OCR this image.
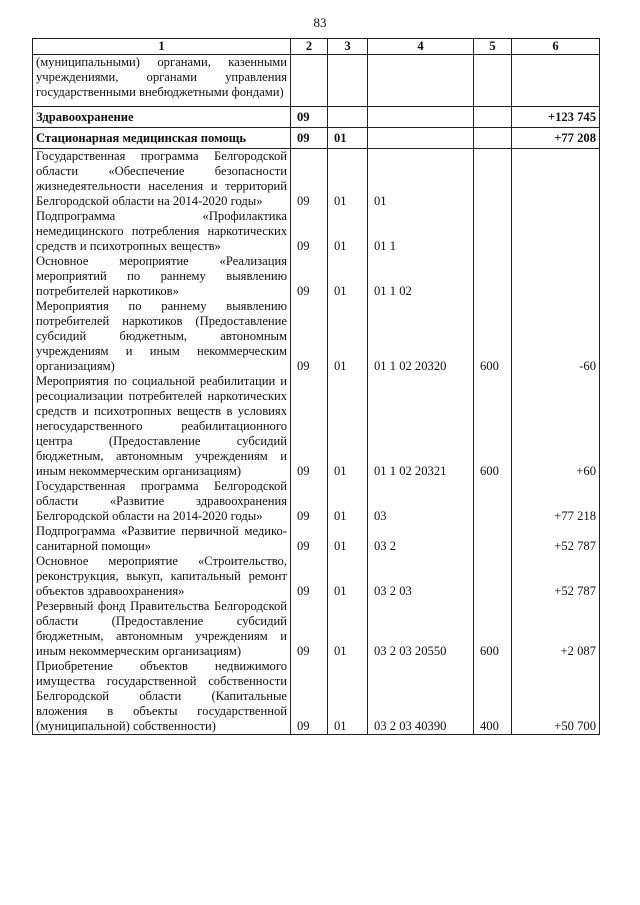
83
1	2	3	4	5	6
(муниципальными) органами, казенными учреждениями, органами управления государственными внебюджетными фондами)					

Здравоохранение	09				+123 745
Стационарная медицинская помощь	09	01			+77 208
Государственная программа Белгородской области «Обеспечение безопасности жизнедеятельности населения и территорий Белгородской области на 2014-2020 годы»	09	01	01		
Подпрограмма «Профилактика немедицинского потребления наркотических средств и психотропных веществ»	09	01	01 1		
Основное мероприятие «Реализация мероприятий по раннему выявлению потребителей наркотиков»	09	01	01 1 02		
Мероприятия по раннему выявлению потребителей наркотиков (Предоставление субсидий бюджетным, автономным учреждениям и иным некоммерческим организациям)	09	01	01 1 02 20320	600	-60
Мероприятия по социальной реабилитации и ресоциализации потребителей наркотических средств и психотропных веществ в условиях негосударственного реабилитационного центра (Предоставление субсидий бюджетным, автономным учреждениям и иным некоммерческим организациям)	09	01	01 1 02 20321	600	+60
Государственная программа Белгородской области «Развитие здравоохранения Белгородской области на 2014-2020 годы»	09	01	03		+77 218
Подпрограмма «Развитие первичной медико-санитарной помощи»	09	01	03 2		+52 787
Основное мероприятие «Строительство, реконструкция, выкуп, капитальный ремонт объектов здравоохранения»	09	01	03 2 03		+52 787
Резервный фонд Правительства Белгородской области (Предоставление субсидий бюджетным, автономным учреждениям и иным некоммерческим организациям)	09	01	03 2 03 20550	600	+2 087
Приобретение объектов недвижимого имущества государственной собственности Белгородской области (Капитальные вложения в объекты государственной (муниципальной) собственности)	09	01	03 2 03 40390	400	+50 700
